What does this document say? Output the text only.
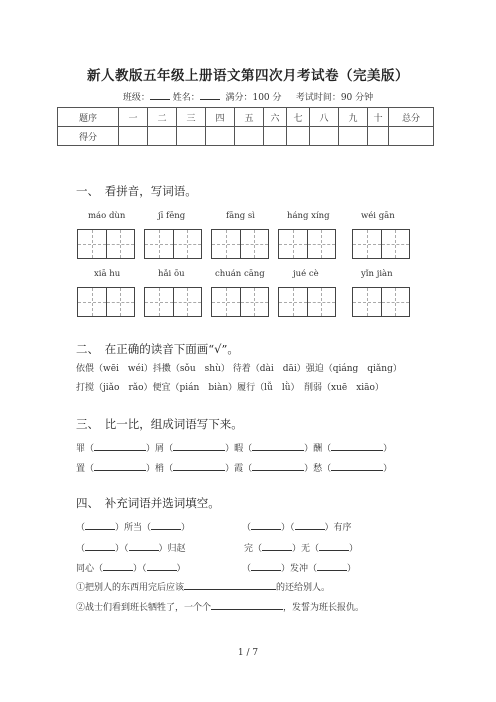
新人教版五年级上册语文第四次月考试卷（完美版）
班级：	姓名：	满分：100 分 考试时间：90 分钟
题序	一	二	三	四	五	六	七	八	九	十	总分
得分											
一、　看拼音，写词语。
máo dùn	jī fēng	fāng sì	háng xíng	wéi gān
xiā hu	hǎi ōu	chuán cāng	jué cè	yǐn jiàn
二、　在正确的读音下面画“√”。
依偎（wēi　wéi）抖擞（sǒu　shù） 待着（dài　dāi）强迫（qiáng　qiǎng）
打搅（jiǎo　rǎo）便宜（pián　biàn）履行（lǚ　lǜ）　削弱（xuē　xiāo）
三、　比一比，组成词语写下来。
罪（	）屑（	）暇（	）酬（	）
置（	）梢（	）霞（	）愁（	）
四、　补充词语并选词填空。
（	）所当（	）	（	）（	）有序
（	）（	）归赵	完（	）无（	）
同心（	）（	）	（	）发冲（	）
①把别人的东西用完后应该	的还给别人。
②战士们看到班长牺牲了，一个个	，发誓为班长报仇。
1 / 7
